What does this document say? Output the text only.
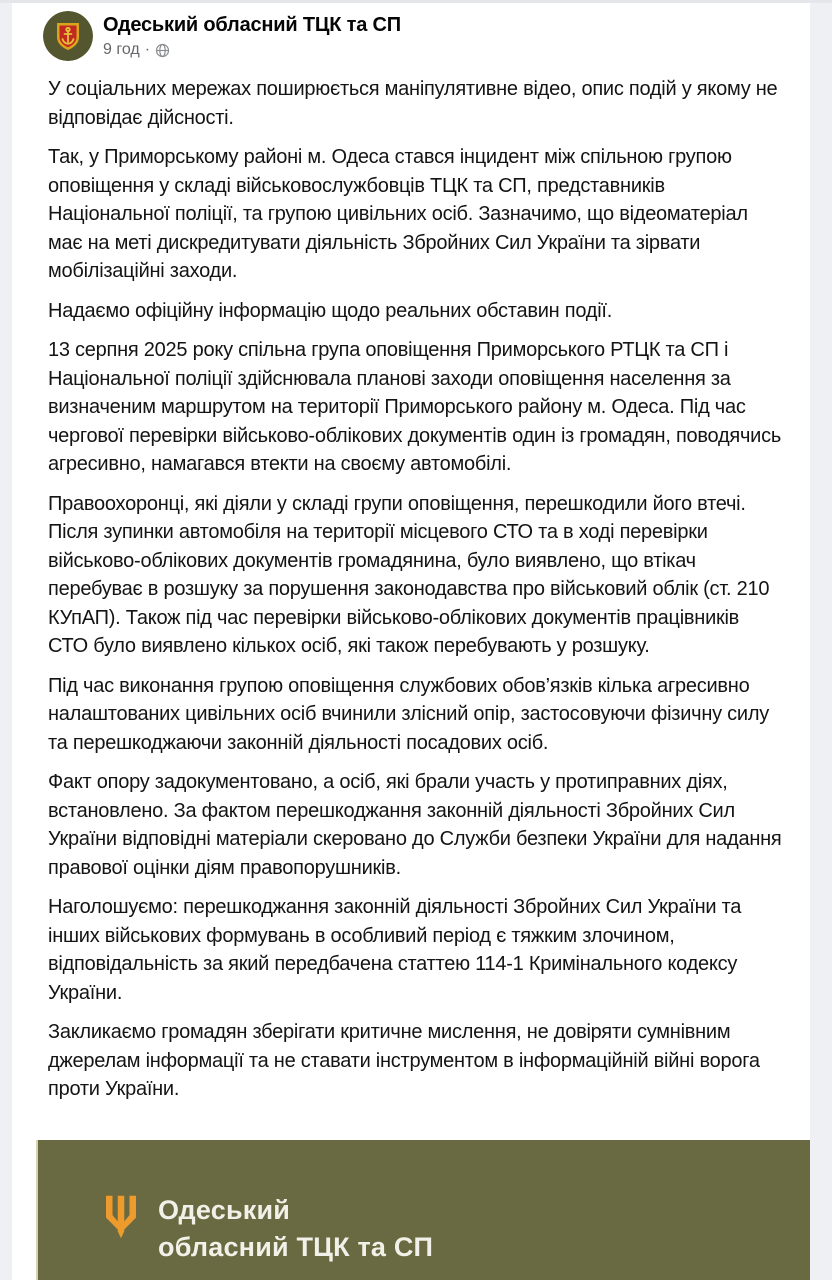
Одеський обласний ТЦК та СП
9 год ·

У соціальних мережах поширюється маніпулятивне відео, опис подій у якому не відповідає дійсності.

Так, у Приморському районі м. Одеса стався інцидент між спільною групою оповіщення у складі військовослужбовців ТЦК та СП, представників Національної поліції, та групою цивільних осіб. Зазначимо, що відеоматеріал має на меті дискредитувати діяльність Збройних Сил України та зірвати мобілізаційні заходи.

Надаємо офіційну інформацію щодо реальних обставин події.

13 серпня 2025 року спільна група оповіщення Приморського РТЦК та СП і Національної поліції здійснювала планові заходи оповіщення населення за визначеним маршрутом на території Приморського району м. Одеса. Під час чергової перевірки військово-облікових документів один із громадян, поводячись агресивно, намагався втекти на своєму автомобілі.

Правоохоронці, які діяли у складі групи оповіщення, перешкодили його втечі. Після зупинки автомобіля на території місцевого СТО та в ході перевірки військово-облікових документів громадянина, було виявлено, що втікач перебуває в розшуку за порушення законодавства про військовий облік (ст. 210 КУпАП). Також під час перевірки військово-облікових документів працівників СТО було виявлено кількох осіб, які також перебувають у розшуку.

Під час виконання групою оповіщення службових обов’язків кілька агресивно налаштованих цивільних осіб вчинили злісний опір, застосовуючи фізичну силу та перешкоджаючи законній діяльності посадових осіб.

Факт опору задокументовано, а осіб, які брали участь у протиправних діях, встановлено. За фактом перешкоджання законній діяльності Збройних Сил України відповідні матеріали скеровано до Служби безпеки України для надання правової оцінки діям правопорушників.

Наголошуємо: перешкоджання законній діяльності Збройних Сил України та інших військових формувань в особливий період є тяжким злочином, відповідальність за який передбачена статтею 114-1 Кримінального кодексу України.

Закликаємо громадян зберігати критичне мислення, не довіряти сумнівним джерелам інформації та не ставати інструментом в інформаційній війні ворога проти України.

Одеський
обласний ТЦК та СП
